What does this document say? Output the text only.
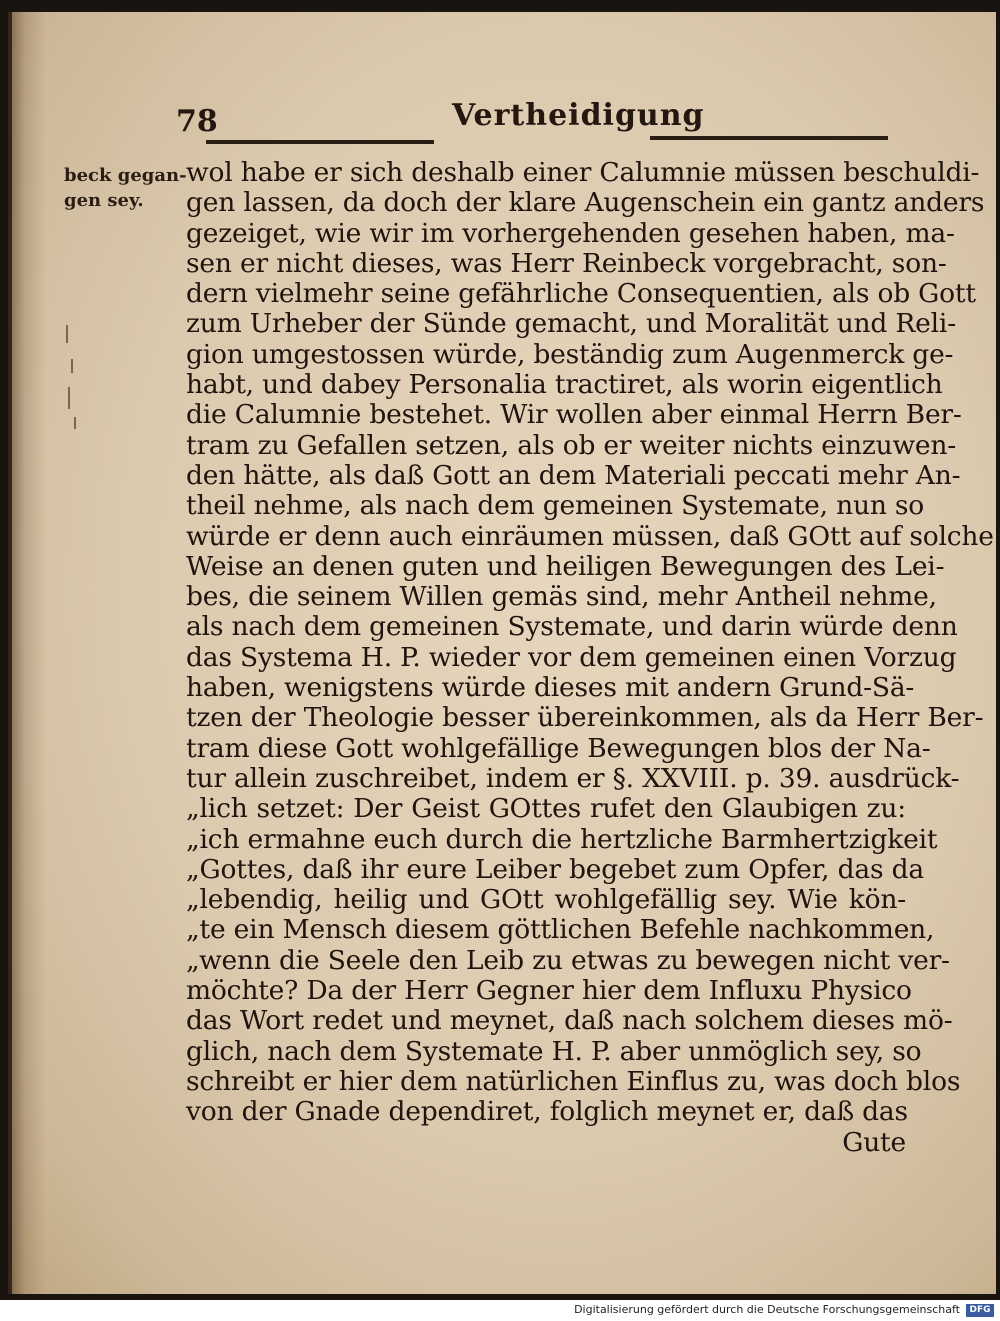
78	Vertheidigung
beck gegan-
gen sey.
wol habe er sich deshalb einer Calumnie müssen beschuldi-
gen lassen, da doch der klare Augenschein ein gantz anders
gezeiget, wie wir im vorhergehenden gesehen haben, ma-
sen er nicht dieses, was Herr Reinbeck vorgebracht, son-
dern vielmehr seine gefährliche Consequentien, als ob Gott
zum Urheber der Sünde gemacht, und Moralität und Reli-
gion umgestossen würde, beständig zum Augenmerck ge-
habt, und dabey Personalia tractiret, als worin eigentlich
die Calumnie bestehet. Wir wollen aber einmal Herrn Ber-
tram zu Gefallen setzen, als ob er weiter nichts einzuwen-
den hätte, als daß Gott an dem Materiali peccati mehr An-
theil nehme, als nach dem gemeinen Systemate, nun so
würde er denn auch einräumen müssen, daß GOtt auf solche
Weise an denen guten und heiligen Bewegungen des Lei-
bes, die seinem Willen gemäs sind, mehr Antheil nehme,
als nach dem gemeinen Systemate, und darin würde denn
das Systema H. P. wieder vor dem gemeinen einen Vorzug
haben, wenigstens würde dieses mit andern Grund-Sä-
tzen der Theologie besser übereinkommen, als da Herr Ber-
tram diese Gott wohlgefällige Bewegungen blos der Na-
tur allein zuschreibet, indem er §. XXVIII. p. 39. ausdrück-
„lich setzet: Der Geist GOttes rufet den Glaubigen zu:
„ich ermahne euch durch die hertzliche Barmhertzigkeit
„Gottes, daß ihr eure Leiber begebet zum Opfer, das da
„lebendig, heilig und GOtt wohlgefällig sey. Wie kön-
„te ein Mensch diesem göttlichen Befehle nachkommen,
„wenn die Seele den Leib zu etwas zu bewegen nicht ver-
möchte? Da der Herr Gegner hier dem Influxu Physico
das Wort redet und meynet, daß nach solchem dieses mö-
glich, nach dem Systemate H. P. aber unmöglich sey, so
schreibt er hier dem natürlichen Einflus zu, was doch blos
von der Gnade dependiret, folglich meynet er, daß das
Gute
Digitalisierung gefördert durch die Deutsche Forschungsgemeinschaft	DFG
